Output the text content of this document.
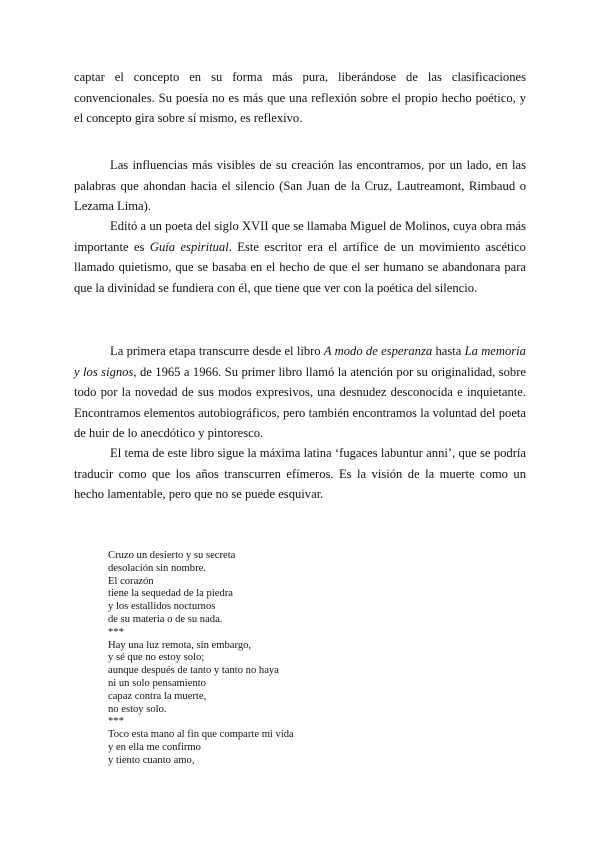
captar el concepto en su forma más pura, liberándose de las clasificaciones convencionales. Su poesía no es más que una reflexión sobre el propio hecho poético, y el concepto gira sobre sí mismo, es reflexivo.

Las influencias más visibles de su creación las encontramos, por un lado, en las palabras que ahondan hacia el silencio (San Juan de la Cruz, Lautreamont, Rimbaud o Lezama Lima).

Editó a un poeta del siglo XVII que se llamaba Miguel de Molinos, cuya obra más importante es Guía espiritual. Este escritor era el artífice de un movimiento ascético llamado quietismo, que se basaba en el hecho de que el ser humano se abandonara para que la divinidad se fundiera con él, que tiene que ver con la poética del silencio.

La primera etapa transcurre desde el libro A modo de esperanza hasta La memoria y los signos, de 1965 a 1966. Su primer libro llamó la atención por su originalidad, sobre todo por la novedad de sus modos expresivos, una desnudez desconocida e inquietante. Encontramos elementos autobiográficos, pero también encontramos la voluntad del poeta de huir de lo anecdótico y pintoresco.

El tema de este libro sigue la máxima latina ‘fugaces labuntur anni’, que se podría traducir como que los años transcurren efímeros. Es la visión de la muerte como un hecho lamentable, pero que no se puede esquivar.

Cruzo un desierto y su secreta
desolación sin nombre.
El corazón
tiene la sequedad de la piedra
y los estallidos nocturnos
de su materia o de su nada.
***
Hay una luz remota, sin embargo,
y sé que no estoy solo;
aunque después de tanto y tanto no haya
ni un solo pensamiento
capaz contra la muerte,
no estoy solo.
***
Toco esta mano al fin que comparte mi vida
y en ella me confirmo
y tiento cuanto amo,
